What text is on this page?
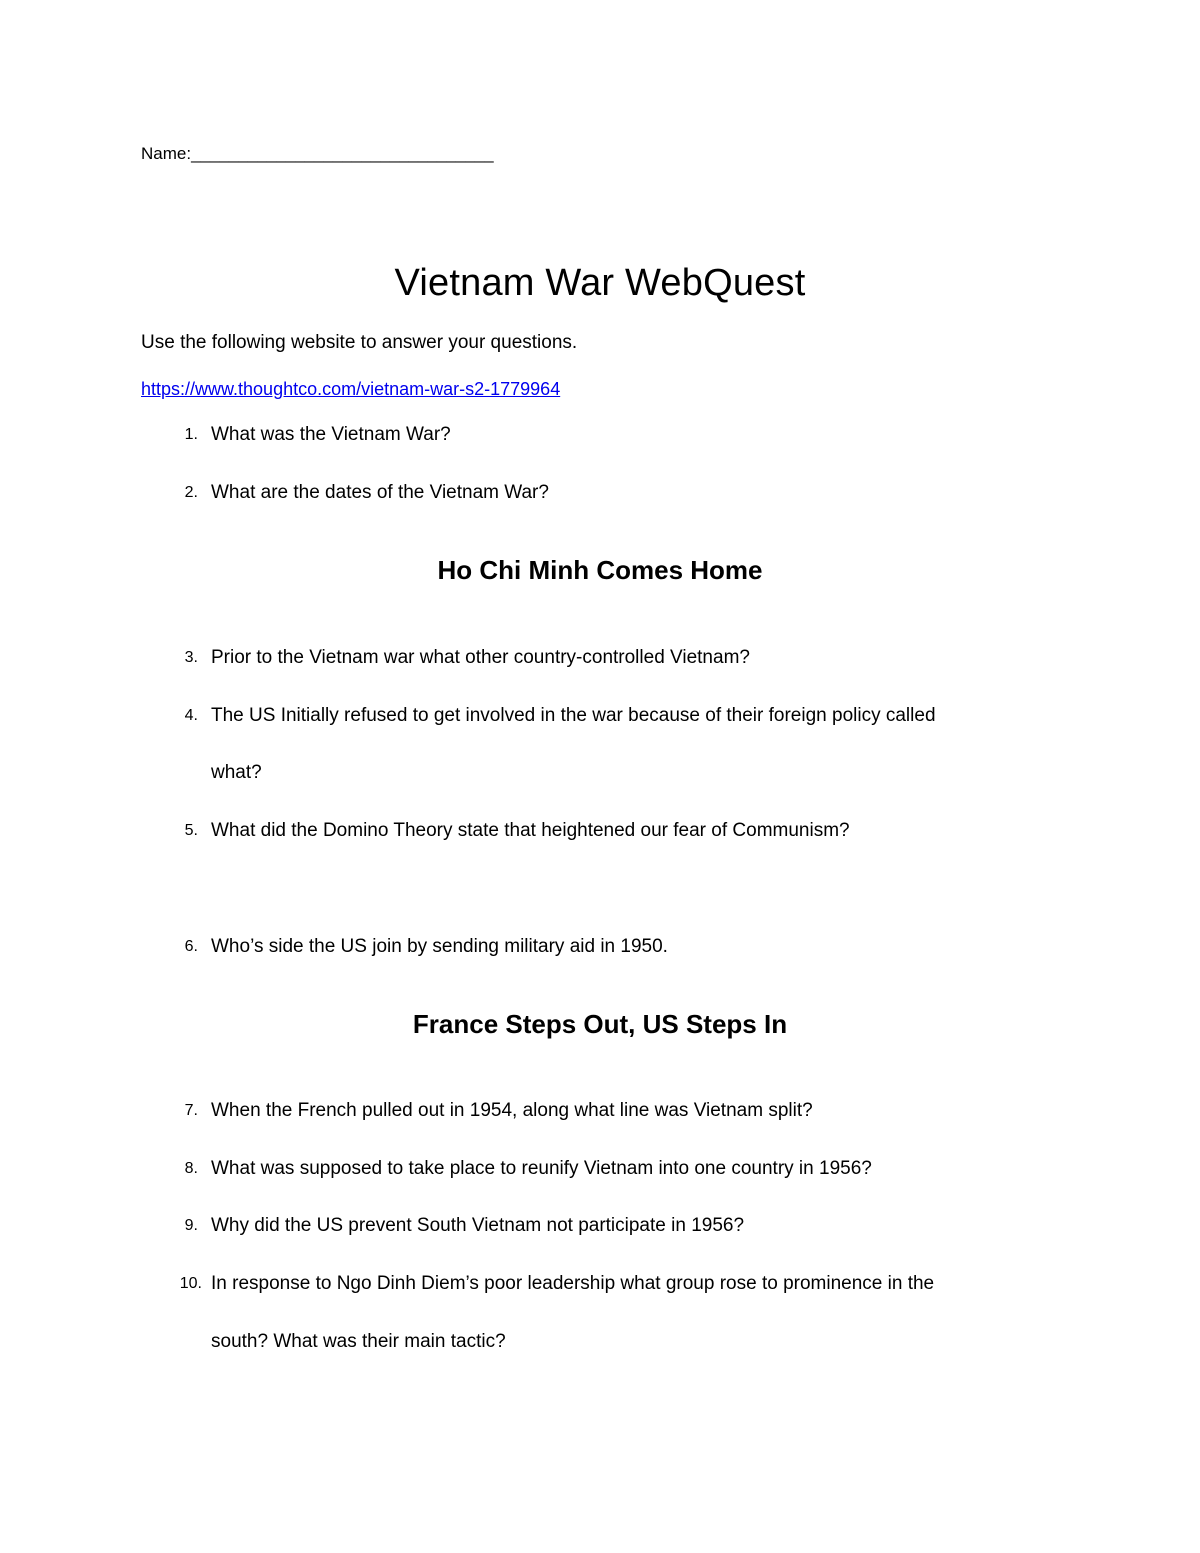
Name:________________________________
Vietnam War WebQuest
Use the following website to answer your questions.
https://www.thoughtco.com/vietnam-war-s2-1779964
1. What was the Vietnam War?
2. What are the dates of the Vietnam War?
Ho Chi Minh Comes Home
3. Prior to the Vietnam war what other country-controlled Vietnam?
4. The US Initially refused to get involved in the war because of their foreign policy called
what?
5. What did the Domino Theory state that heightened our fear of Communism?
6. Who’s side the US join by sending military aid in 1950.
France Steps Out, US Steps In
7. When the French pulled out in 1954, along what line was Vietnam split?
8. What was supposed to take place to reunify Vietnam into one country in 1956?
9. Why did the US prevent South Vietnam not participate in 1956?
10. In response to Ngo Dinh Diem’s poor leadership what group rose to prominence in the
south? What was their main tactic?
